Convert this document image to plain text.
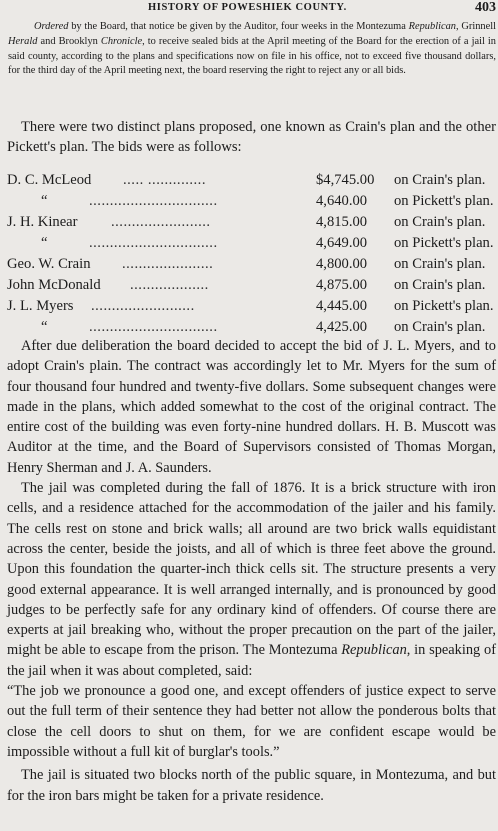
HISTORY OF POWESHIEK COUNTY.	403
Ordered by the Board, that notice be given by the Auditor, four weeks in the Montezuma Republican, Grinnell Herald and Brooklyn Chronicle, to receive sealed bids at the April meeting of the Board for the erection of a jail in said county, according to the plans and specifications now on file in his office, not to exceed five thousand dollars, for the third day of the April meeting next, the board reserving the right to reject any or all bids.
There were two distinct plans proposed, one known as Crain's plan and the other Pickett's plan. The bids were as follows:
D. C. McLeod ..... ..............	$4,745.00 on Crain's plan.
“	...............................	4,640.00 on Pickett's plan.
J. H. Kinear ........................	4,815.00 on Crain's plan.
“	...............................	4,649.00 on Pickett's plan.
Geo. W. Crain ......................	4,800.00 on Crain's plan.
John McDonald ...................	4,875.00 on Crain's plan.
J. L. Myers .........................	4,445.00 on Pickett's plan.
“	...............................	4,425.00 on Crain's plan.

After due deliberation the board decided to accept the bid of J. L. Myers, and to adopt Crain's plain. The contract was accordingly let to Mr. Myers for the sum of four thousand four hundred and twenty-five dollars. Some subsequent changes were made in the plans, which added somewhat to the cost of the original contract. The entire cost of the building was even forty-nine hundred dollars. H. B. Muscott was Auditor at the time, and the Board of Supervisors consisted of Thomas Morgan, Henry Sherman and J. A. Saunders.

The jail was completed during the fall of 1876. It is a brick structure with iron cells, and a residence attached for the accommodation of the jailer and his family. The cells rest on stone and brick walls; all around are two brick walls equidistant across the center, beside the joists, and all of which is three feet above the ground. Upon this foundation the quarter-inch thick cells sit. The structure presents a very good external appearance. It is well arranged internally, and is pronounced by good judges to be perfectly safe for any ordinary kind of offenders. Of course there are experts at jail breaking who, without the proper precaution on the part of the jailer, might be able to escape from the prison. The Montezuma Republican, in speaking of the jail when it was about completed, said:

“The job we pronounce a good one, and except offenders of justice expect to serve out the full term of their sentence they had better not allow the ponderous bolts that close the cell doors to shut on them, for we are confident escape would be impossible without a full kit of burglar's tools.”

The jail is situated two blocks north of the public square, in Montezuma, and but for the iron bars might be taken for a private residence.
